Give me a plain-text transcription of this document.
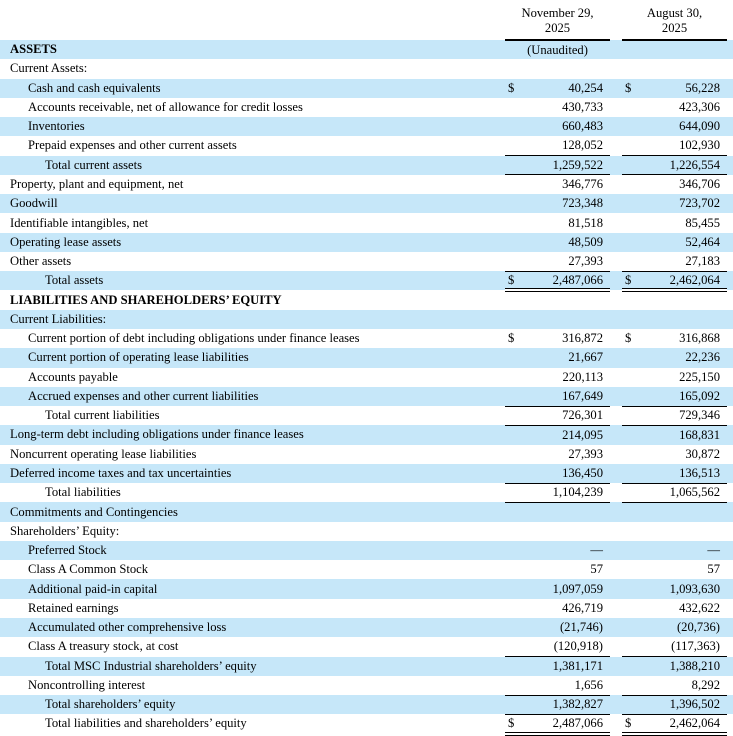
November 29,
2025

August 30,
2025

ASSETS	(Unaudited)					
Current Assets:						
Cash and cash equivalents	$	40,254		$	56,228	
Accounts receivable, net of allowance for credit losses		430,733			423,306	
Inventories		660,483			644,090	
Prepaid expenses and other current assets		128,052			102,930	
Total current assets		1,259,522			1,226,554	
Property, plant and equipment, net		346,776			346,706	
Goodwill		723,348			723,702	
Identifiable intangibles, net		81,518			85,455	
Operating lease assets		48,509			52,464	
Other assets		27,393			27,183	
Total assets	$	2,487,066		$	2,462,064	
LIABILITIES AND SHAREHOLDERS’ EQUITY						
Current Liabilities:						
Current portion of debt including obligations under finance leases	$	316,872		$	316,868	
Current portion of operating lease liabilities		21,667			22,236	
Accounts payable		220,113			225,150	
Accrued expenses and other current liabilities		167,649			165,092	
Total current liabilities		726,301			729,346	
Long-term debt including obligations under finance leases		214,095			168,831	
Noncurrent operating lease liabilities		27,393			30,872	
Deferred income taxes and tax uncertainties		136,450			136,513	
Total liabilities		1,104,239			1,065,562	
Commitments and Contingencies						
Shareholders’ Equity:						
Preferred Stock		—			—	
Class A Common Stock		57			57	
Additional paid-in capital		1,097,059			1,093,630	
Retained earnings		426,719			432,622	
Accumulated other comprehensive loss		(21,746)			(20,736)	
Class A treasury stock, at cost		(120,918)			(117,363)	
Total MSC Industrial shareholders’ equity		1,381,171			1,388,210	
Noncontrolling interest		1,656			8,292	
Total shareholders’ equity		1,382,827			1,396,502	
Total liabilities and shareholders’ equity	$	2,487,066		$	2,462,064	
